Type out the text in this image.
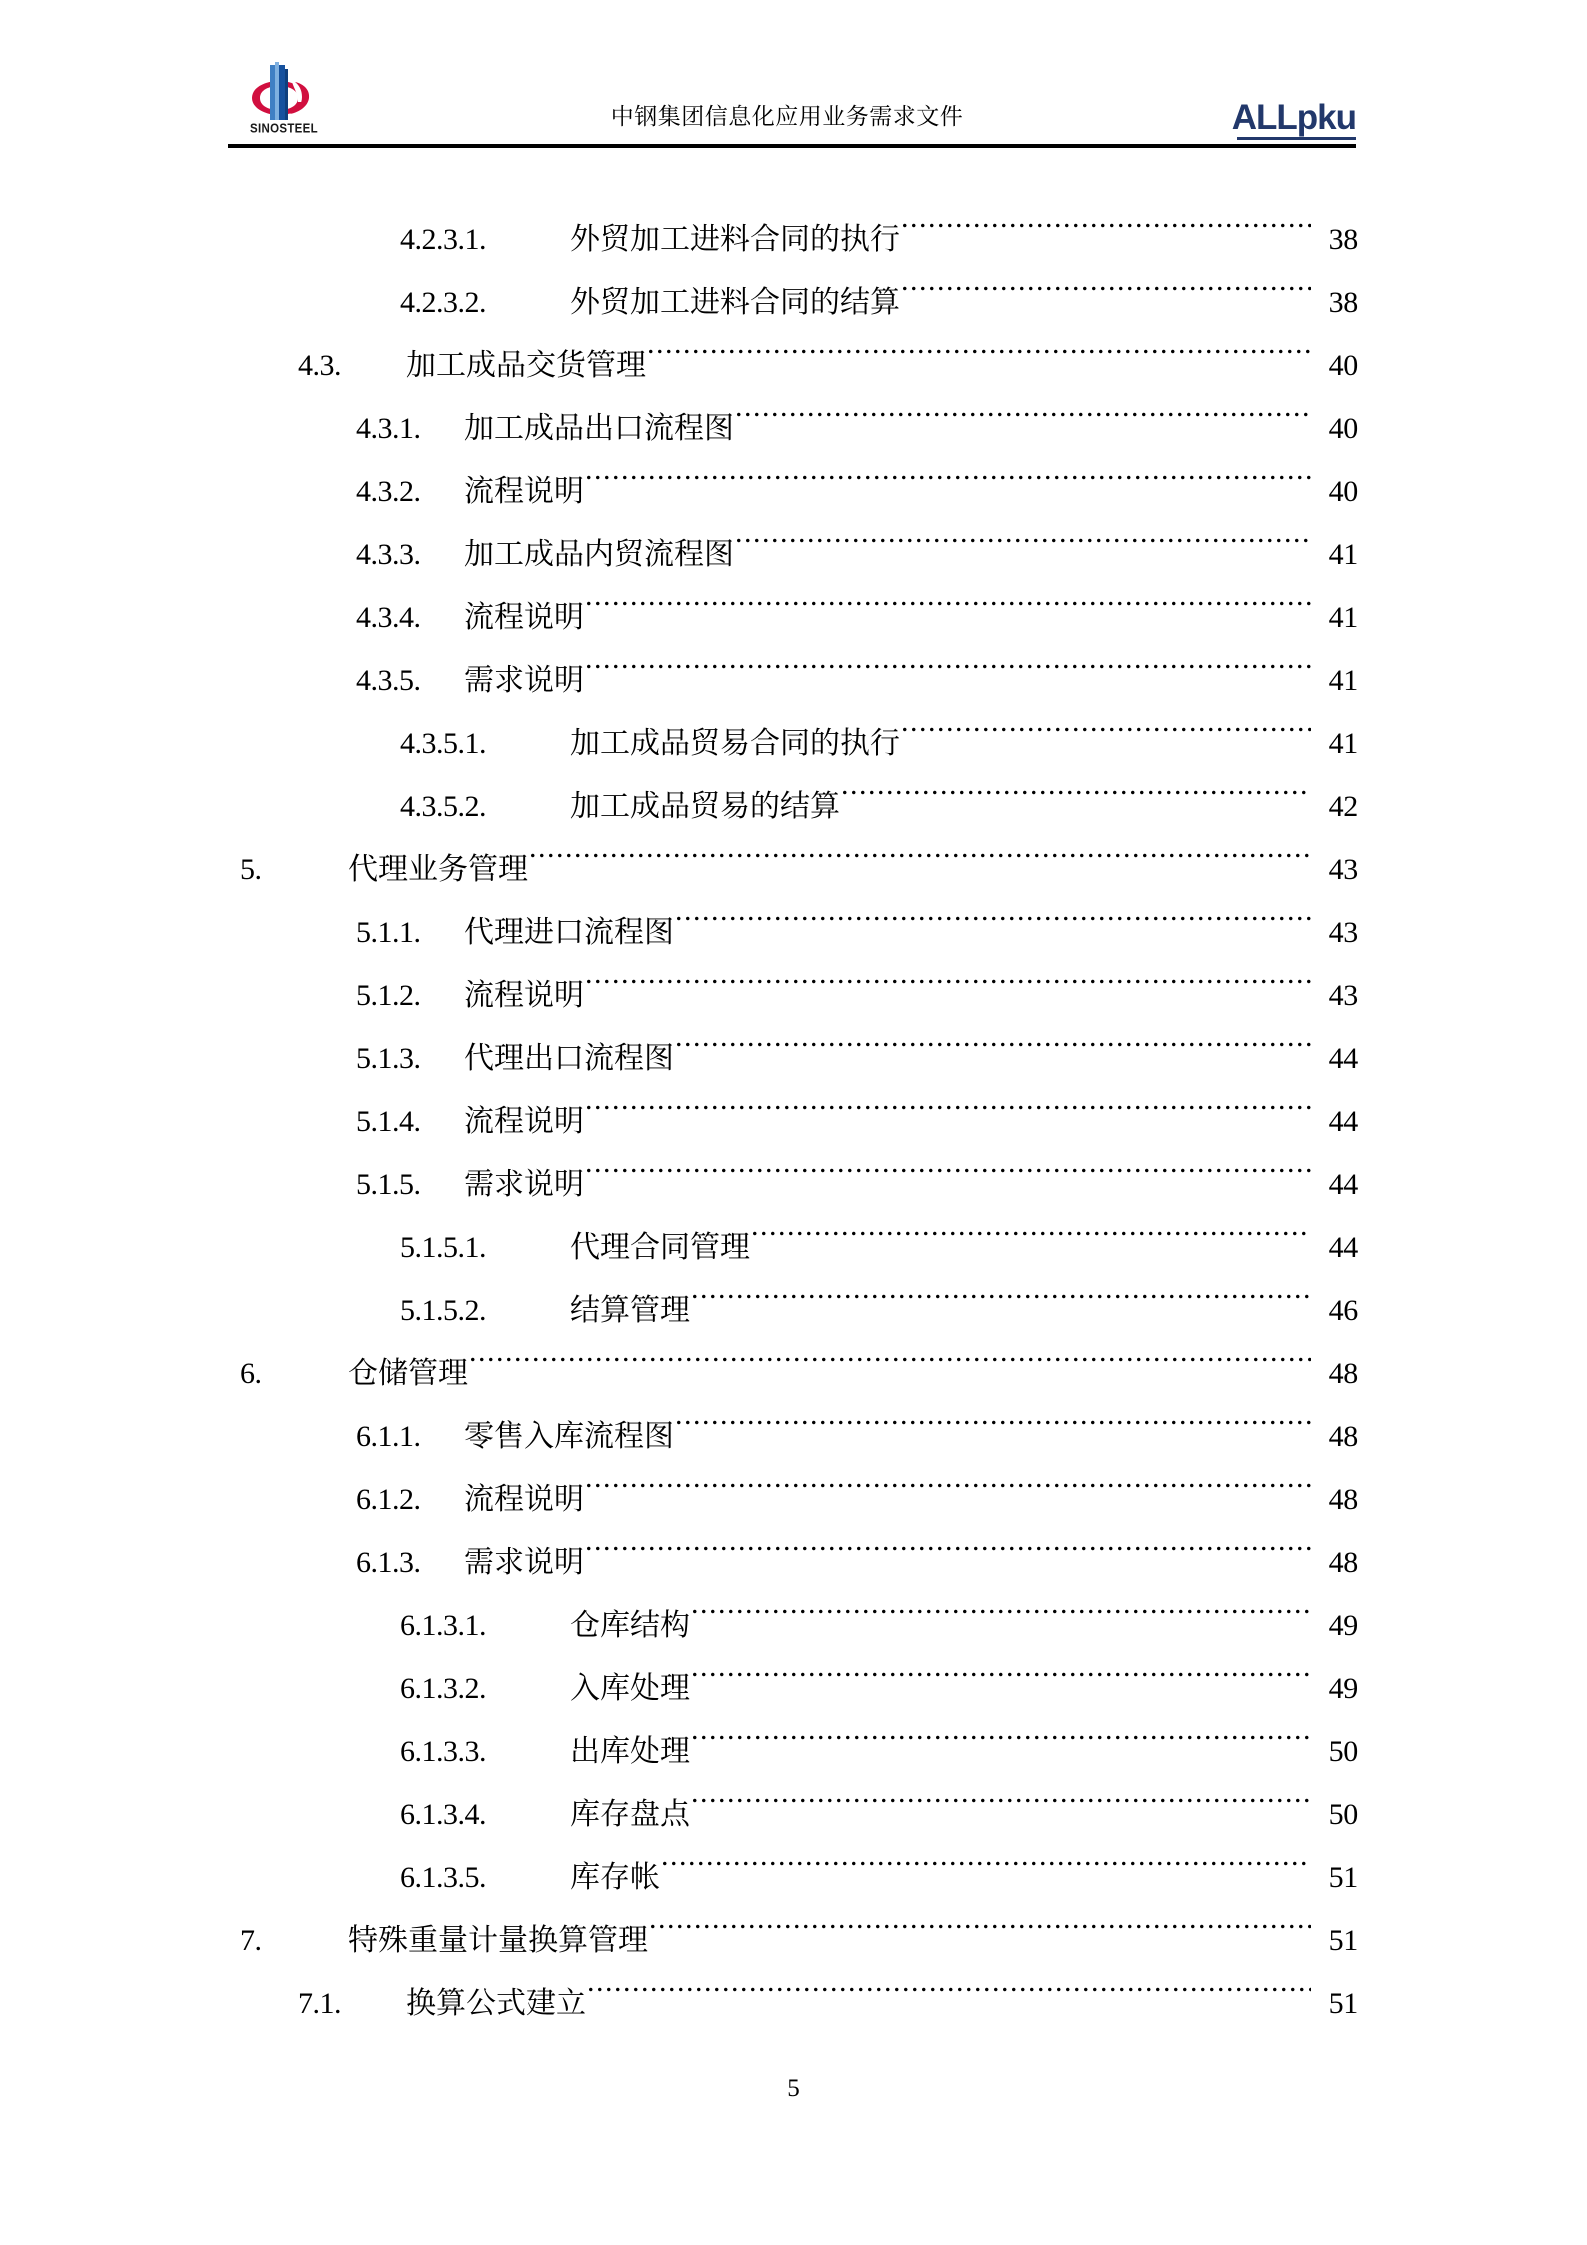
SINOSTEEL	中钢集团信息化应用业务需求文件	ALLpku
4.2.3.1.	外贸加工进料合同的执行 .....	38
4.2.3.2.	外贸加工进料合同的结算 .....	38
4.3.	加工成品交货管理 .....	40
4.3.1.	加工成品出口流程图 .....	40
4.3.2.	流程说明 .....	40
4.3.3.	加工成品内贸流程图 .....	41
4.3.4.	流程说明 .....	41
4.3.5.	需求说明 .....	41
4.3.5.1.	加工成品贸易合同的执行 .....	41
4.3.5.2.	加工成品贸易的结算 .....	42
5.	代理业务管理 .....	43
5.1.1.	代理进口流程图 .....	43
5.1.2.	流程说明 .....	43
5.1.3.	代理出口流程图 .....	44
5.1.4.	流程说明 .....	44
5.1.5.	需求说明 .....	44
5.1.5.1.	代理合同管理 .....	44
5.1.5.2.	结算管理 .....	46
6.	仓储管理 .....	48
6.1.1.	零售入库流程图 .....	48
6.1.2.	流程说明 .....	48
6.1.3.	需求说明 .....	48
6.1.3.1.	仓库结构 .....	49
6.1.3.2.	入库处理 .....	49
6.1.3.3.	出库处理 .....	50
6.1.3.4.	库存盘点 .....	50
6.1.3.5.	库存帐 .....	51
7.	特殊重量计量换算管理 .....	51
7.1.	换算公式建立 .....	51
5
